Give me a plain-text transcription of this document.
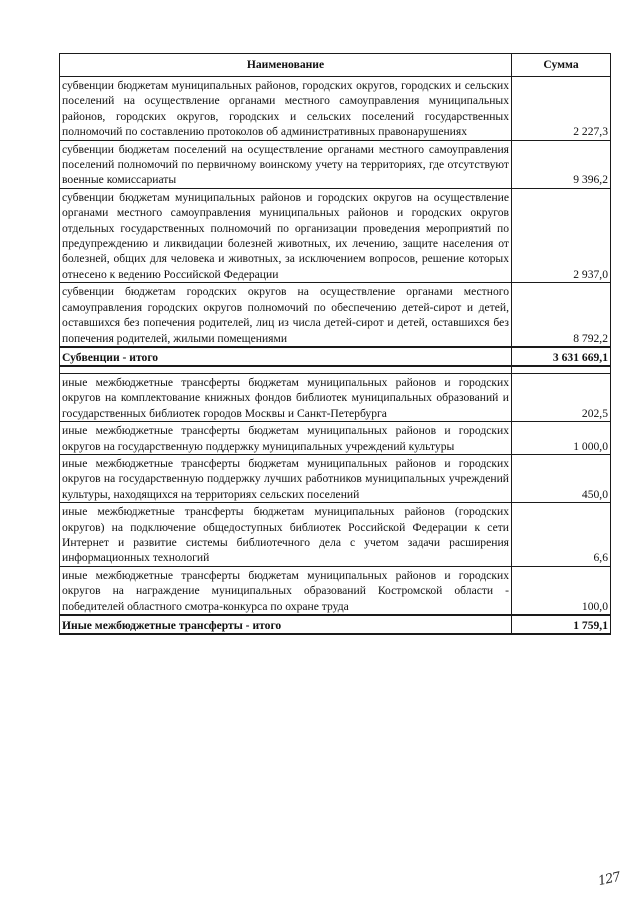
Наименование	Сумма
субвенции бюджетам муниципальных районов, городских округов, городских и сельских поселений на осуществление органами местного самоуправления муниципальных районов, городских округов, городских и сельских поселений государственных полномочий по составлению протоколов об административных правонарушениях	2 227,3
субвенции бюджетам поселений на осуществление органами местного самоуправления поселений полномочий по первичному воинскому учету на территориях, где отсутствуют военные комиссариаты	9 396,2
субвенции бюджетам муниципальных районов и городских округов на осуществление органами местного самоуправления муниципальных районов и городских округов отдельных государственных полномочий по организации проведения мероприятий по предупреждению и ликвидации болезней животных, их лечению, защите населения от болезней, общих для человека и животных, за исключением вопросов, решение которых отнесено к ведению Российской Федерации	2 937,0
субвенции бюджетам городских округов на осуществление органами местного самоуправления городских округов полномочий по обеспечению детей-сирот и детей, оставшихся без попечения родителей, лиц из числа детей-сирот и детей, оставшихся без попечения родителей, жилыми помещениями	8 792,2
Субвенции - итого	3 631 669,1

иные межбюджетные трансферты бюджетам муниципальных районов и городских округов на комплектование книжных фондов библиотек муниципальных образований и государственных библиотек городов Москвы и Санкт-Петербурга	202,5
иные межбюджетные трансферты бюджетам муниципальных районов и городских округов на государственную поддержку муниципальных учреждений культуры	1 000,0
иные межбюджетные трансферты бюджетам муниципальных районов и городских округов на государственную поддержку лучших работников муниципальных учреждений культуры, находящихся на территориях сельских поселений	450,0
иные межбюджетные трансферты бюджетам муниципальных районов (городских округов) на подключение общедоступных библиотек Российской Федерации к сети Интернет и развитие системы библиотечного дела с учетом задачи расширения информационных технологий	6,6
иные межбюджетные трансферты бюджетам муниципальных районов и городских округов на награждение муниципальных образований Костромской области - победителей областного смотра-конкурса по охране труда	100,0
Иные межбюджетные трансферты - итого	1 759,1
127
